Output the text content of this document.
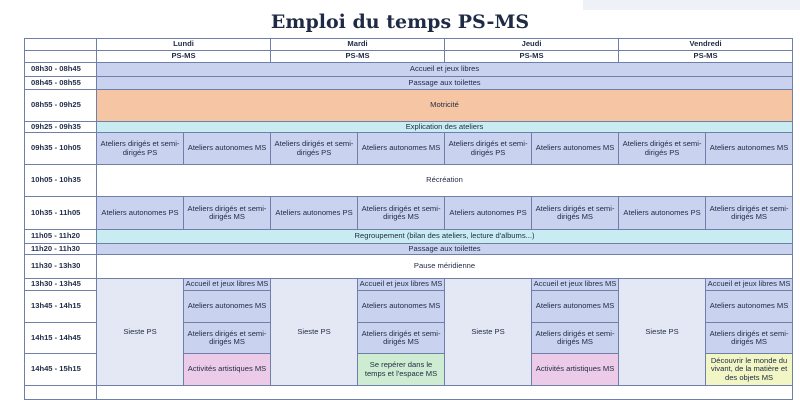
Emploi du temps PS-MS
	Lundi		Mardi		Jeudi		Vendredi	
	PS-MS		PS-MS		PS-MS		PS-MS	
08h30 - 08h45	Accueil et jeux libres							
08h45 - 08h55	Passage aux toilettes							
08h55 - 09h25	Motricité							
09h25 - 09h35	Explication des ateliers							
09h35 - 10h05	Ateliers dirigés et semi-dirigés PS	Ateliers autonomes MS	Ateliers dirigés et semi-dirigés PS	Ateliers autonomes MS	Ateliers dirigés et semi-dirigés PS	Ateliers autonomes MS	Ateliers dirigés et semi-dirigés PS	Ateliers autonomes MS
10h05 - 10h35	Récréation							
10h35 - 11h05	Ateliers autonomes PS	Ateliers dirigés et semi-dirigés MS	Ateliers autonomes PS	Ateliers dirigés et semi-dirigés MS	Ateliers autonomes PS	Ateliers dirigés et semi-dirigés MS	Ateliers autonomes PS	Ateliers dirigés et semi-dirigés MS
11h05 - 11h20	Regroupement (bilan des ateliers, lecture d'albums...)							
11h20 - 11h30	Passage aux toilettes							
11h30 - 13h30	Pause méridienne							
13h30 - 13h45	Sieste PS	Accueil et jeux libres MS	Sieste PS	Accueil et jeux libres MS	Sieste PS	Accueil et jeux libres MS	Sieste PS	Accueil et jeux libres MS
13h45 - 14h15		Ateliers autonomes MS		Ateliers autonomes MS		Ateliers autonomes MS		Ateliers autonomes MS
14h15 - 14h45		Ateliers dirigés et semi-dirigés MS		Ateliers dirigés et semi-dirigés MS		Ateliers dirigés et semi-dirigés MS		Ateliers dirigés et semi-dirigés MS
14h45 - 15h15		Activités artistiques MS		Se repérer dans le temps et l'espace MS		Activités artistiques MS		Découvrir le monde du vivant, de la matière et des objets MS
